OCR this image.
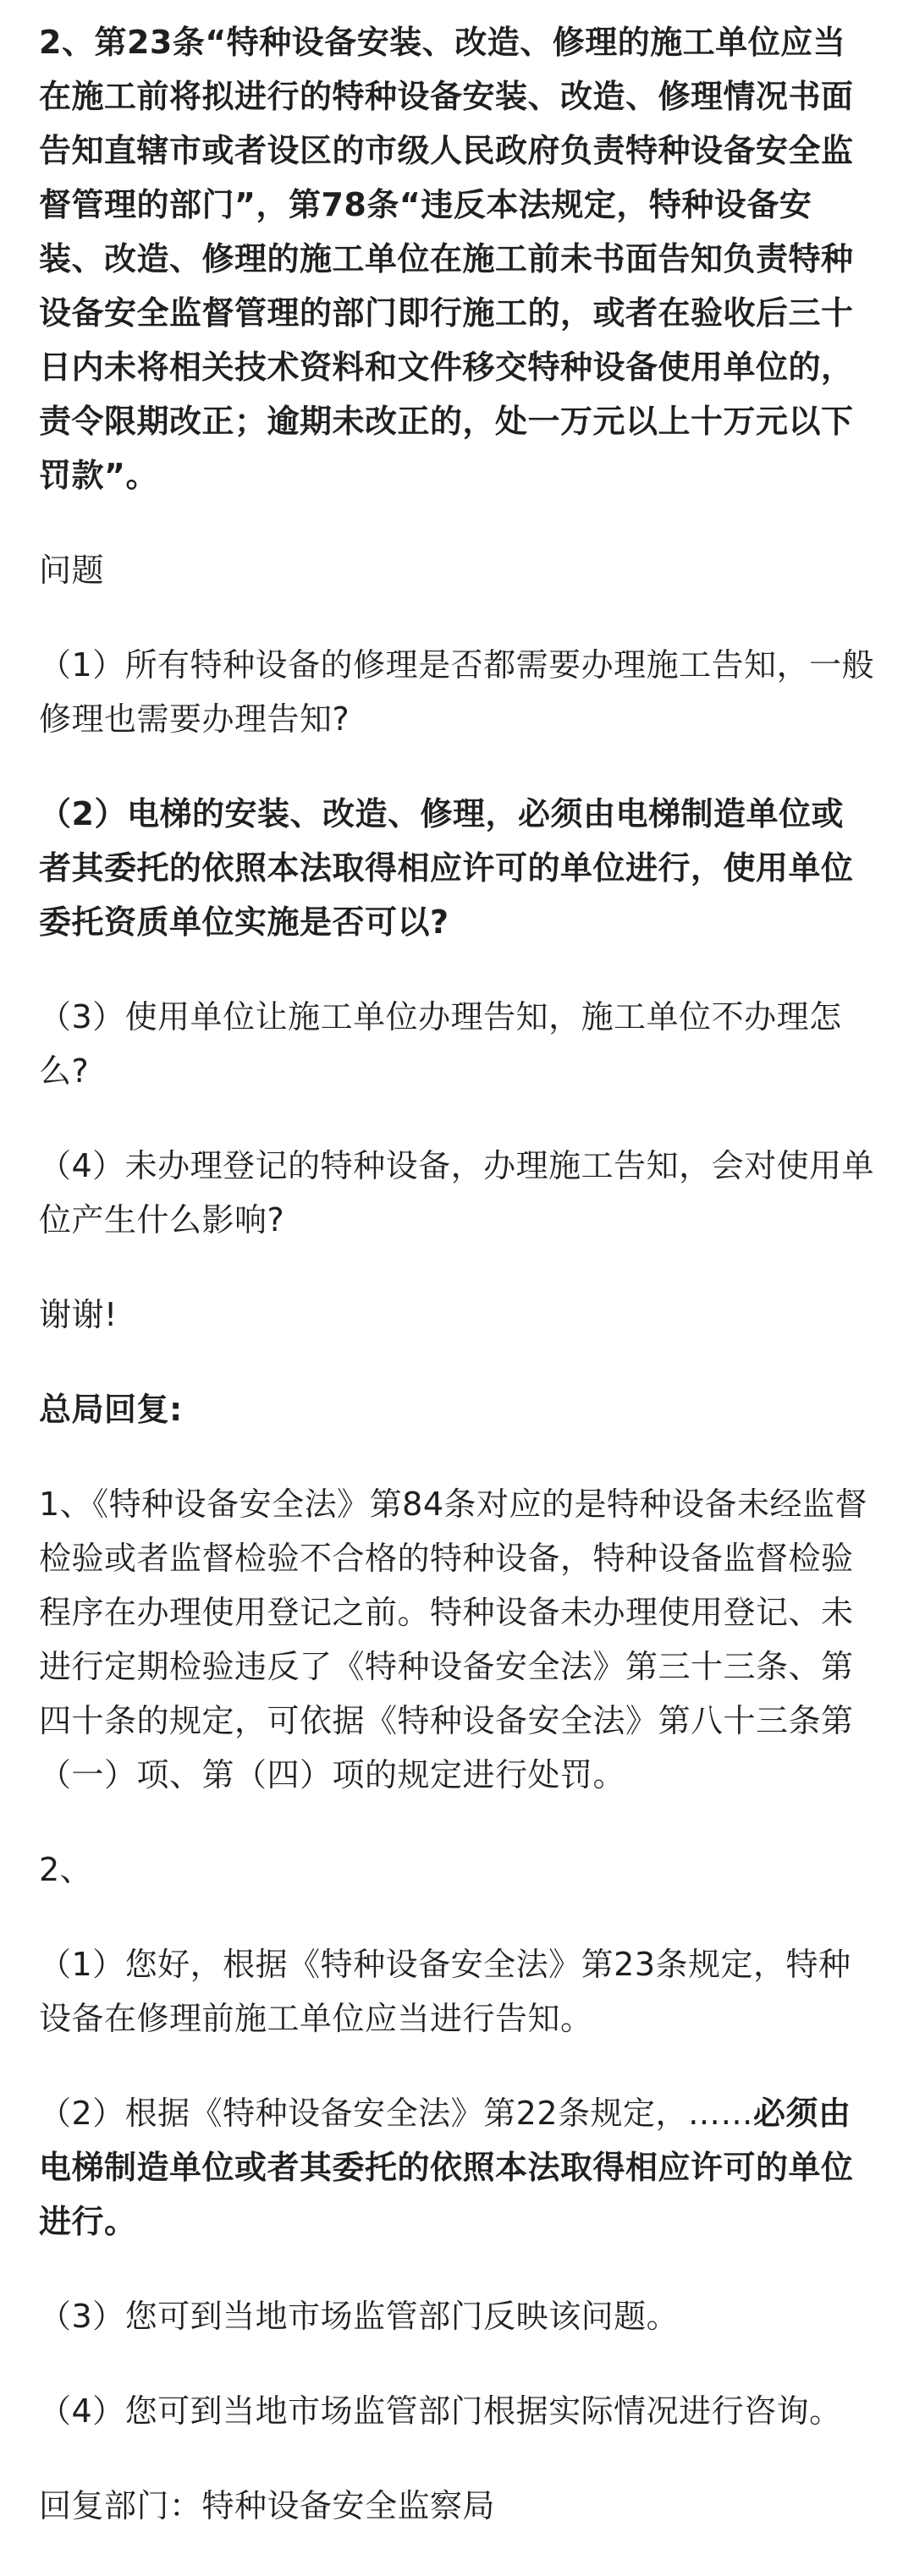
2、第23条“特种设备安装、改造、修理的施工单位应当在施工前将拟进行的特种设备安装、改造、修理情况书面告知直辖市或者设区的市级人民政府负责特种设备安全监督管理的部门”，第78条“违反本法规定，特种设备安装、改造、修理的施工单位在施工前未书面告知负责特种设备安全监督管理的部门即行施工的，或者在验收后三十日内未将相关技术资料和文件移交特种设备使用单位的，责令限期改正；逾期未改正的，处一万元以上十万元以下罚款”。

问题

（1）所有特种设备的修理是否都需要办理施工告知，一般修理也需要办理告知?

（2）电梯的安装、改造、修理，必须由电梯制造单位或者其委托的依照本法取得相应许可的单位进行，使用单位委托资质单位实施是否可以?

（3）使用单位让施工单位办理告知，施工单位不办理怎么?

（4）未办理登记的特种设备，办理施工告知，会对使用单位产生什么影响?

谢谢!

总局回复:

1、《特种设备安全法》第84条对应的是特种设备未经监督检验或者监督检验不合格的特种设备，特种设备监督检验程序在办理使用登记之前。特种设备未办理使用登记、未进行定期检验违反了《特种设备安全法》第三十三条、第四十条的规定，可依据《特种设备安全法》第八十三条第（一）项、第（四）项的规定进行处罚。

2、

（1）您好，根据《特种设备安全法》第23条规定，特种设备在修理前施工单位应当进行告知。

（2）根据《特种设备安全法》第22条规定，……必须由电梯制造单位或者其委托的依照本法取得相应许可的单位进行。

（3）您可到当地市场监管部门反映该问题。

（4）您可到当地市场监管部门根据实际情况进行咨询。

回复部门：特种设备安全监察局
